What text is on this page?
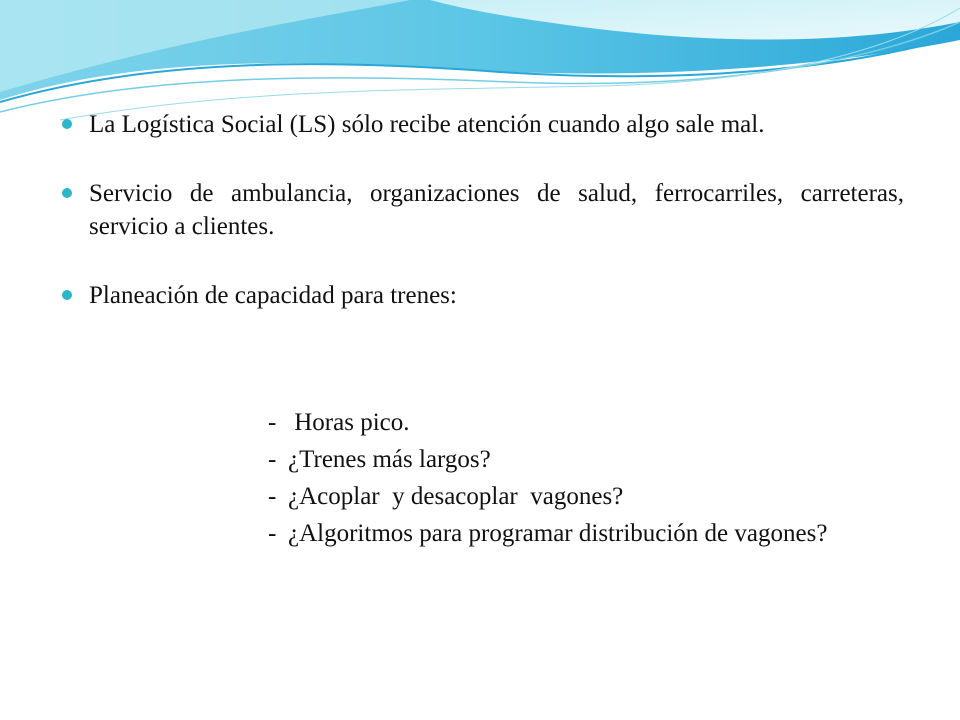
La Logística Social (LS) sólo recibe atención cuando algo sale mal.
Servicio de ambulancia, organizaciones de salud, ferrocarriles, carreteras, servicio a clientes.
Planeación de capacidad para trenes:
- Horas pico.
- ¿Trenes más largos?
- ¿Acoplar  y desacoplar  vagones?
- ¿Algoritmos para programar distribución de vagones?
